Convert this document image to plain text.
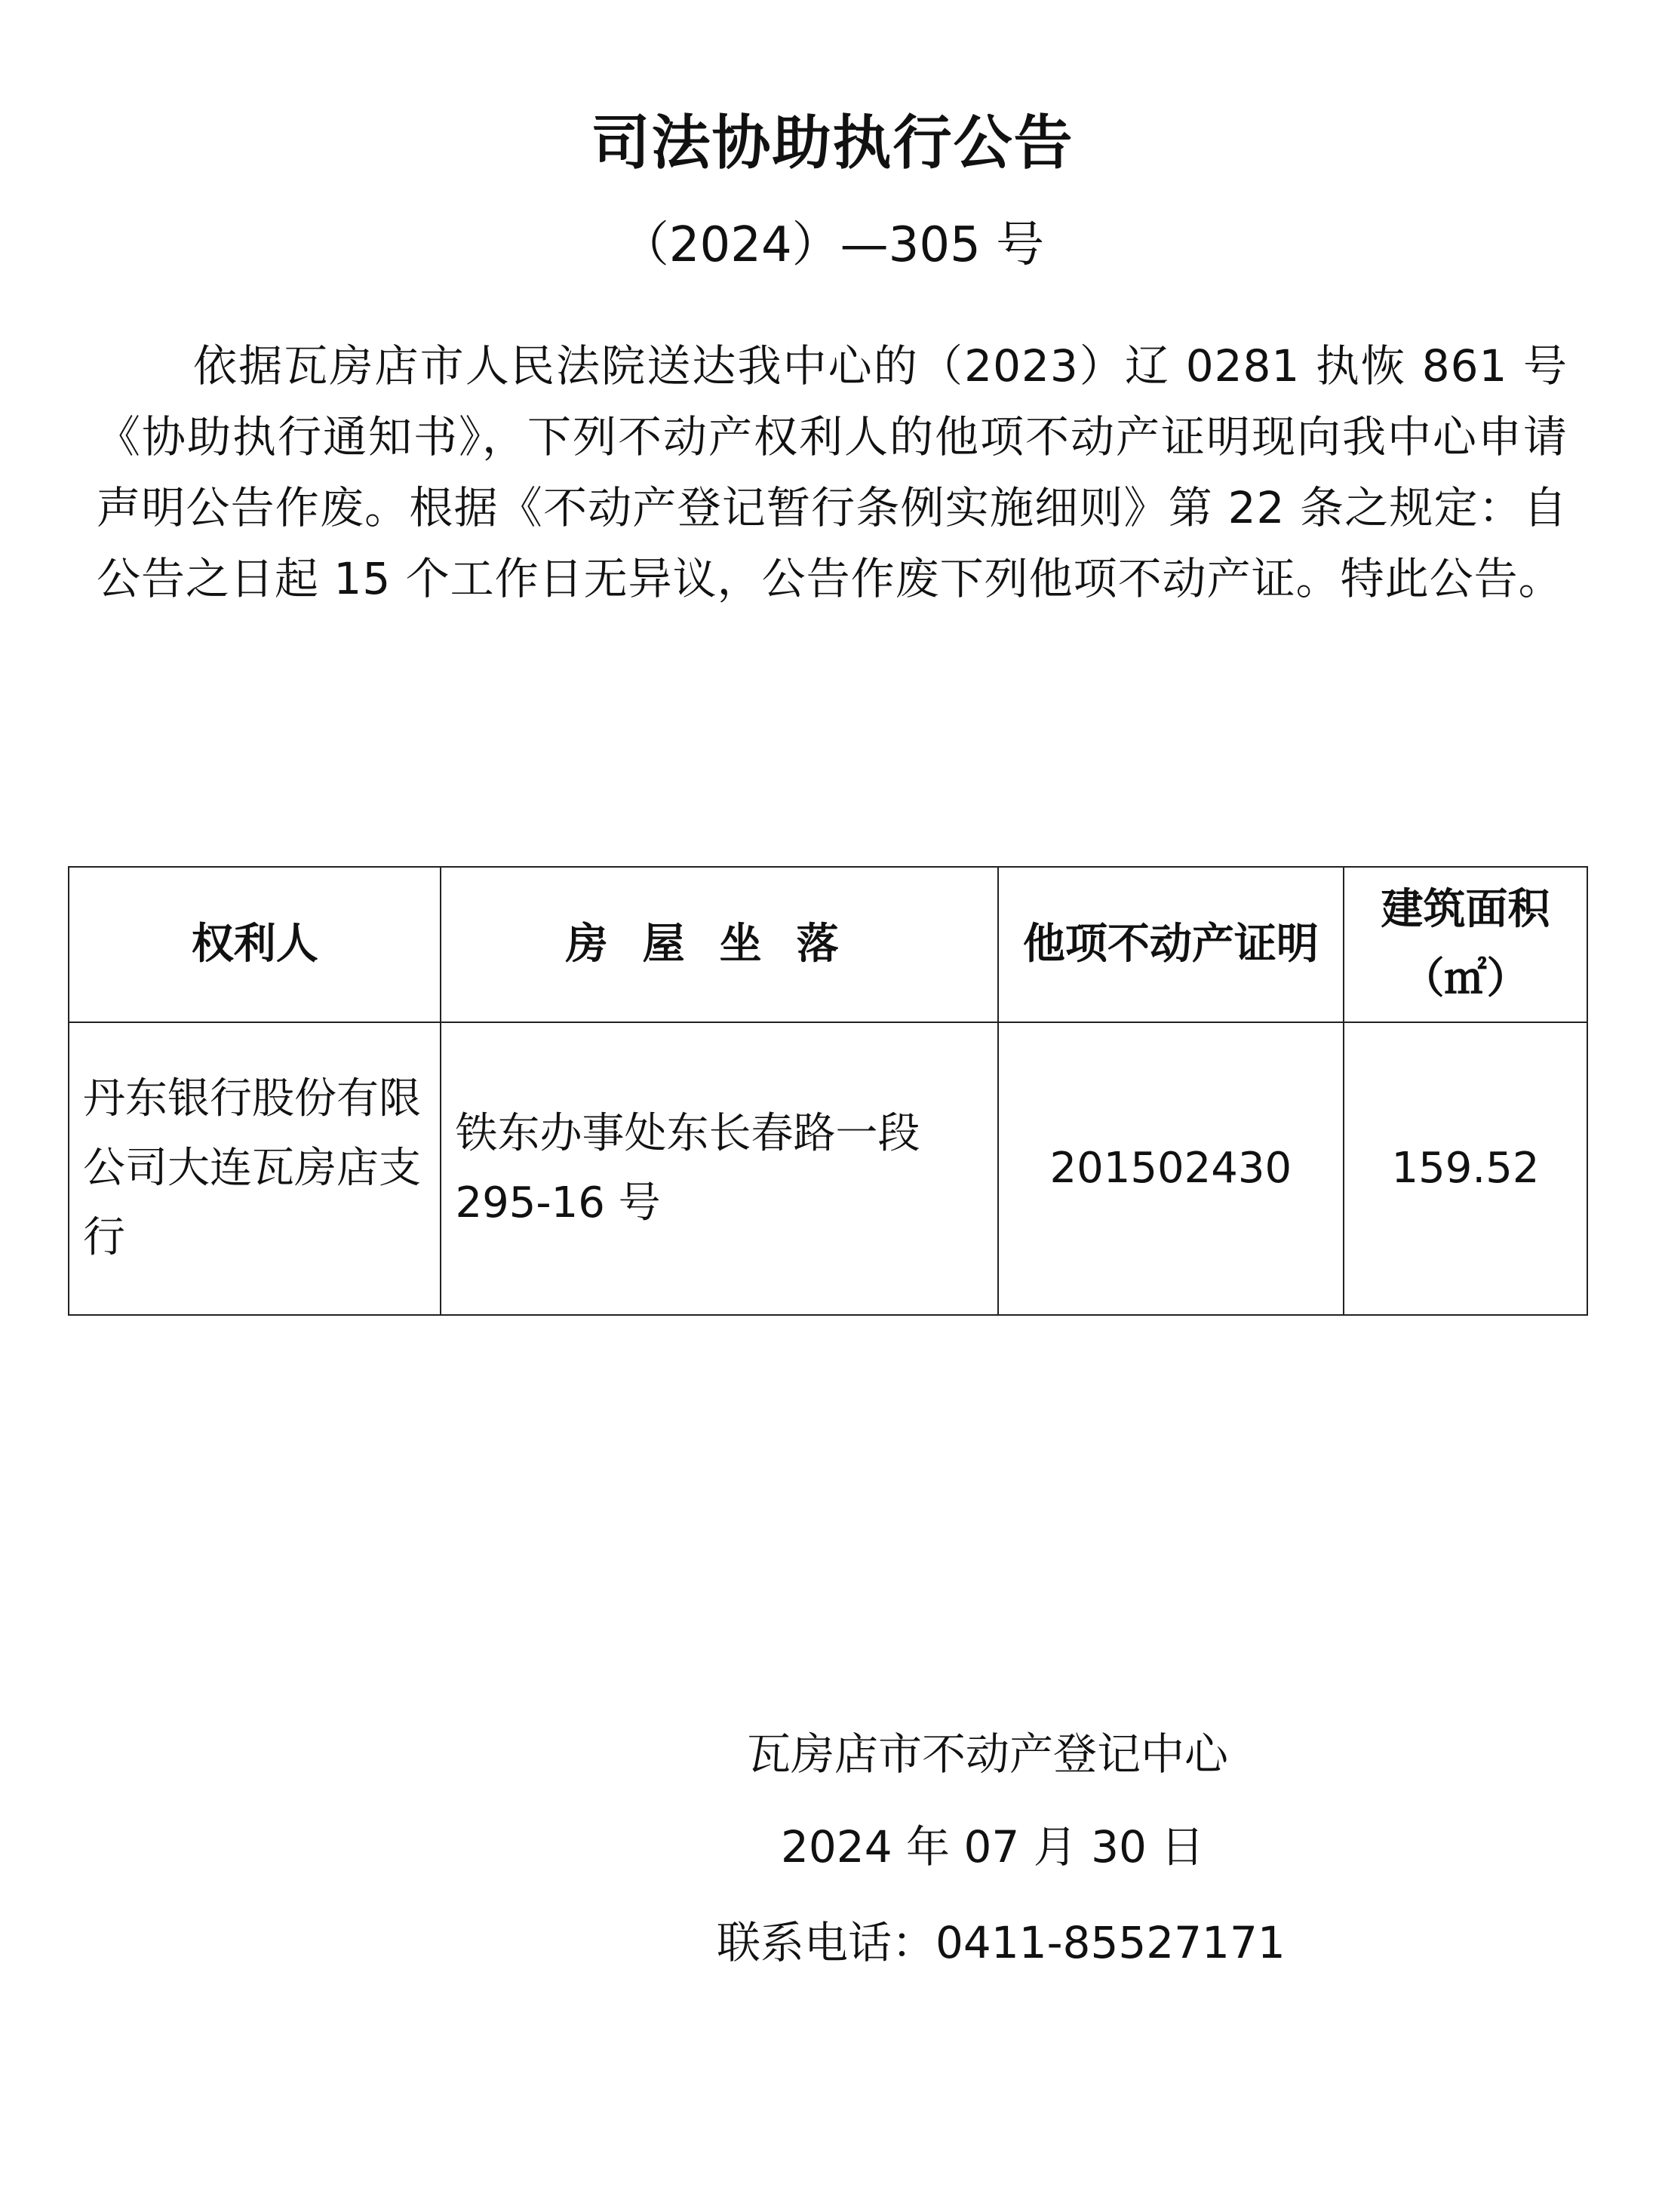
司法协助执行公告
（2024）—305 号
依据瓦房店市人民法院送达我中心的（2023）辽 0281 执恢 861 号《协助执行通知书》，下列不动产权利人的他项不动产证明现向我中心申请声明公告作废。根据《不动产登记暂行条例实施细则》第 22 条之规定：自公告之日起 15 个工作日无异议，公告作废下列他项不动产证。特此公告。
权利人	房屋坐落	他项不动产证明	建筑面积（㎡）
丹东银行股份有限公司大连瓦房店支行	铁东办事处东长春路一段 295-16 号	201502430	159.52
瓦房店市不动产登记中心
2024 年 07 月 30 日
联系电话：0411-85527171
